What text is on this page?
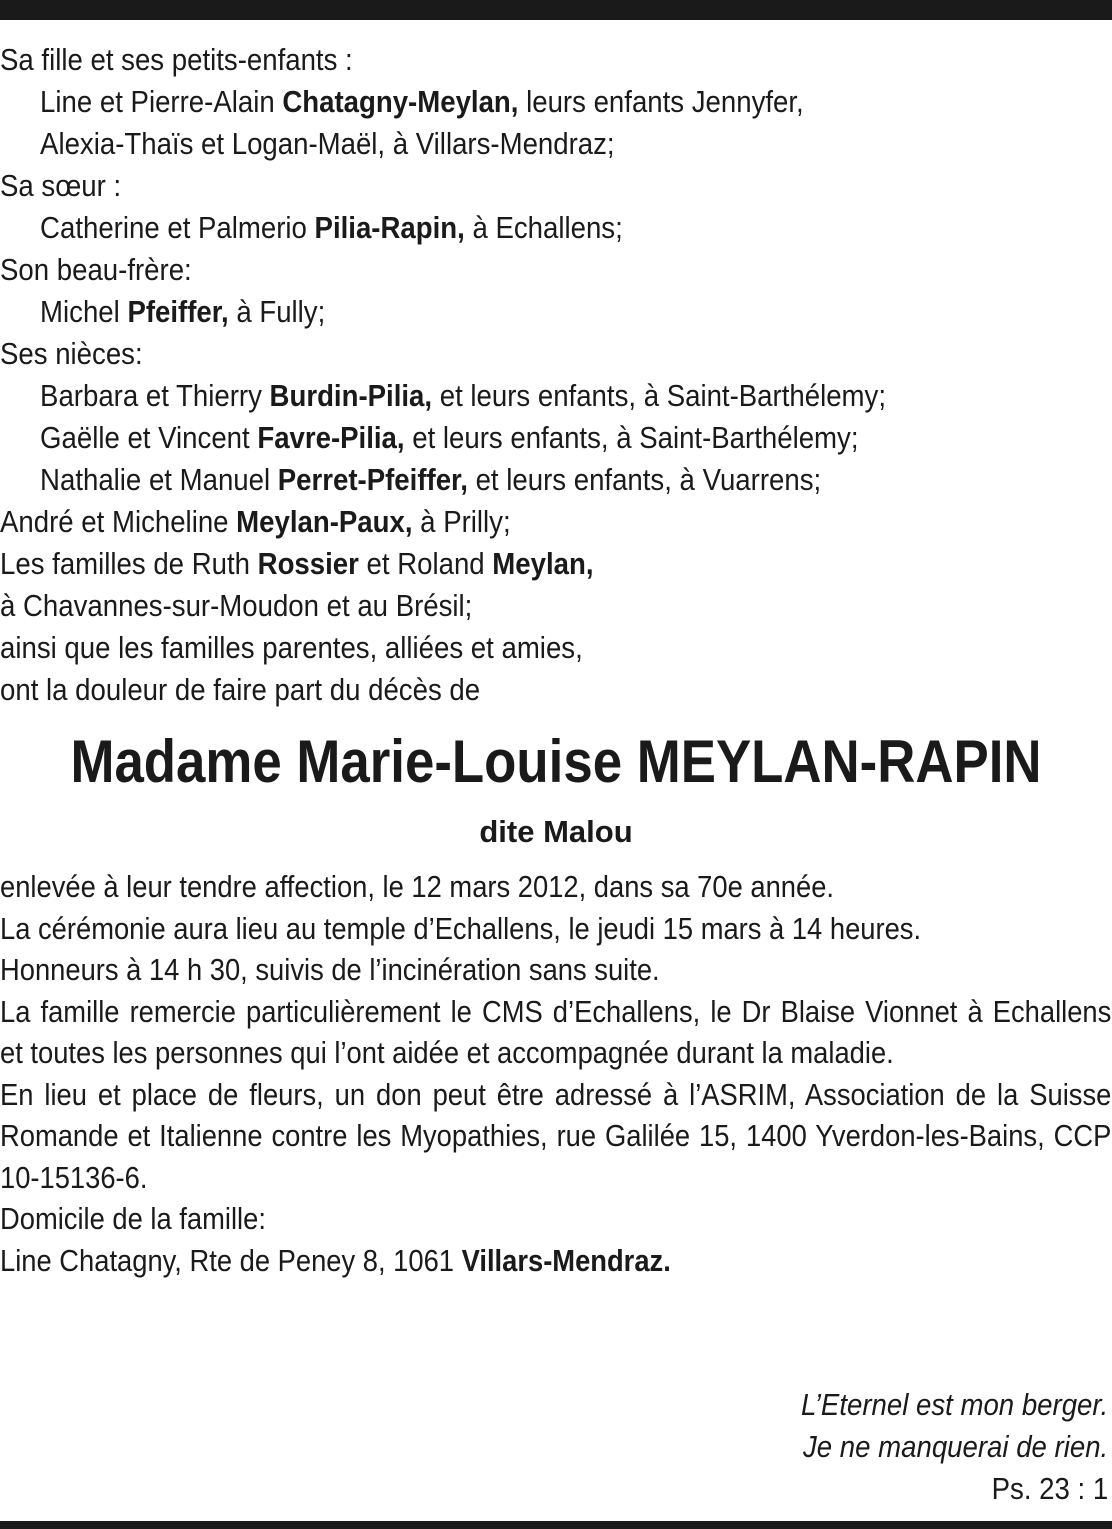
Sa fille et ses petits-enfants :
Line et Pierre-Alain Chatagny-Meylan, leurs enfants Jennyfer,
Alexia-Thaïs et Logan-Maël, à Villars-Mendraz;
Sa sœur :
Catherine et Palmerio Pilia-Rapin, à Echallens;
Son beau-frère:
Michel Pfeiffer, à Fully;
Ses nièces:
Barbara et Thierry Burdin-Pilia, et leurs enfants, à Saint-Barthélemy;
Gaëlle et Vincent Favre-Pilia, et leurs enfants, à Saint-Barthélemy;
Nathalie et Manuel Perret-Pfeiffer, et leurs enfants, à Vuarrens;
André et Micheline Meylan-Paux, à Prilly;
Les familles de Ruth Rossier et Roland Meylan,
à Chavannes-sur-Moudon et au Brésil;
ainsi que les familles parentes, alliées et amies,
ont la douleur de faire part du décès de
Madame Marie-Louise MEYLAN-RAPIN
dite Malou

enlevée à leur tendre affection, le 12 mars 2012, dans sa 70e année.

La cérémonie aura lieu au temple d’Echallens, le jeudi 15 mars à 14 heures.

Honneurs à 14 h 30, suivis de l’incinération sans suite.

La famille remercie particulièrement le CMS d’Echallens, le Dr Blaise Vionnet à Echallens et toutes les personnes qui l’ont aidée et accompagnée durant la maladie.

En lieu et place de fleurs, un don peut être adressé à l’ASRIM, Association de la Suisse Romande et Italienne contre les Myopathies, rue Galilée 15, 1400 Yverdon-les-Bains, CCP 10-15136-6.

Domicile de la famille:

Line Chatagny, Rte de Peney 8, 1061 Villars-Mendraz.

L’Eternel est mon berger.
Je ne manquerai de rien.
Ps. 23 : 1
